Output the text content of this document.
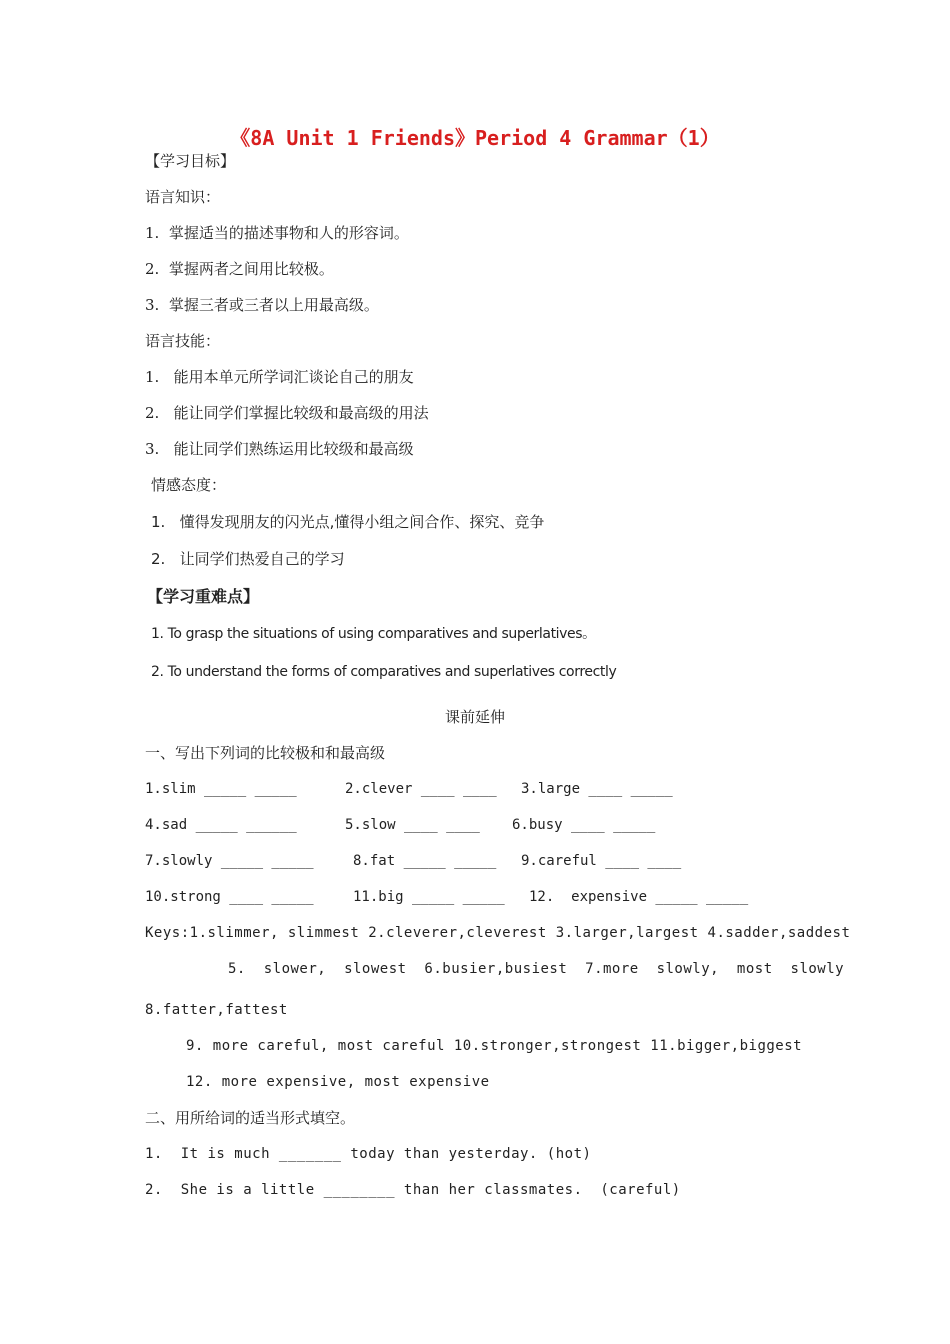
《8A Unit 1 Friends》Period 4 Grammar（1）
【学习目标】
语言知识：
1.  掌握适当的描述事物和人的形容词。
2.  掌握两者之间用比较极。
3.  掌握三者或三者以上用最高级。
语言技能：
1.   能用本单元所学词汇谈论自己的朋友
2.   能让同学们掌握比较级和最高级的用法
3.   能让同学们熟练运用比较级和最高级
情感态度：
1.   懂得发现朋友的闪光点,懂得小组之间合作、探究、竞争
2.   让同学们热爱自己的学习
【学习重难点】
1. To grasp the situations of using comparatives and superlatives。
2. To understand the forms of comparatives and superlatives correctly
课前延伸
一、写出下列词的比较极和和最高级

1.slim _____ _____

	2.clever ____ ____

3.large ____ _____

4.sad _____ ______

	5.slow ____ ____

6.busy ____ _____

7.slowly _____ _____

	8.fat _____ _____

9.careful ____ ____

10.strong ____ _____

	11.big _____ _____

12.  expensive _____ _____

Keys:1.slimmer, slimmest 2.cleverer,cleverest 3.larger,largest 4.sadder,saddest
5.  slower,  slowest  6.busier,busiest  7.more  slowly,  most  slowly
8.fatter,fattest
9. more careful, most careful 10.stronger,strongest 11.bigger,biggest
12. more expensive, most expensive
二、用所给词的适当形式填空。
1.  It is much _______ today than yesterday. (hot)
2.  She is a little ________ than her classmates.  (careful)
